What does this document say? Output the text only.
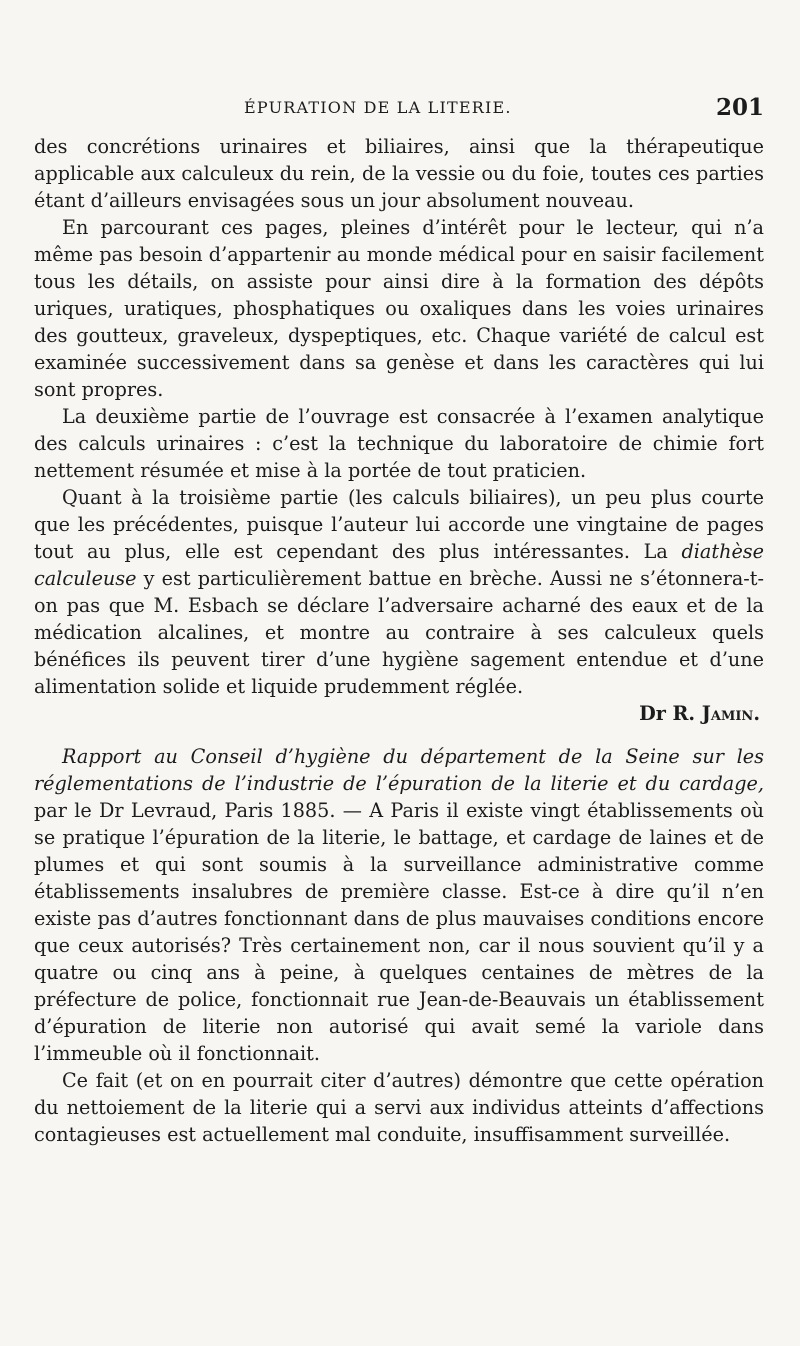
ÉPURATION DE LA LITERIE.	201

des concrétions urinaires et biliaires, ainsi que la thérapeutique applicable aux calculeux du rein, de la vessie ou du foie, toutes ces parties étant d’ailleurs envisagées sous un jour absolument nouveau.

En parcourant ces pages, pleines d’intérêt pour le lecteur, qui n’a même pas besoin d’appartenir au monde médical pour en saisir facilement tous les détails, on assiste pour ainsi dire à la formation des dépôts uriques, uratiques, phosphatiques ou oxaliques dans les voies urinaires des goutteux, graveleux, dyspeptiques, etc. Chaque variété de calcul est examinée successivement dans sa genèse et dans les caractères qui lui sont propres.

La deuxième partie de l’ouvrage est consacrée à l’examen analytique des calculs urinaires : c’est la technique du laboratoire de chimie fort nettement résumée et mise à la portée de tout praticien.

Quant à la troisième partie (les calculs biliaires), un peu plus courte que les précédentes, puisque l’auteur lui accorde une vingtaine de pages tout au plus, elle est cependant des plus intéressantes. La diathèse calculeuse y est particulièrement battue en brèche. Aussi ne s’étonnera-t-on pas que M. Esbach se déclare l’adversaire acharné des eaux et de la médication alcalines, et montre au contraire à ses calculeux quels bénéfices ils peuvent tirer d’une hygiène sagement entendue et d’une alimentation solide et liquide prudemment réglée.

Dr R. Jamin.

Rapport au Conseil d’hygiène du département de la Seine sur les réglementations de l’industrie de l’épuration de la literie et du cardage, par le Dr Levraud, Paris 1885. — A Paris il existe vingt établissements où se pratique l’épuration de la literie, le battage, et cardage de laines et de plumes et qui sont soumis à la surveillance administrative comme établissements insalubres de première classe. Est-ce à dire qu’il n’en existe pas d’autres fonctionnant dans de plus mauvaises conditions encore que ceux autorisés? Très certainement non, car il nous souvient qu’il y a quatre ou cinq ans à peine, à quelques centaines de mètres de la préfecture de police, fonctionnait rue Jean-de-Beauvais un établissement d’épuration de literie non autorisé qui avait semé la variole dans l’immeuble où il fonctionnait.

Ce fait (et on en pourrait citer d’autres) démontre que cette opération du nettoiement de la literie qui a servi aux individus atteints d’affections contagieuses est actuellement mal conduite, insuffisamment surveillée.
